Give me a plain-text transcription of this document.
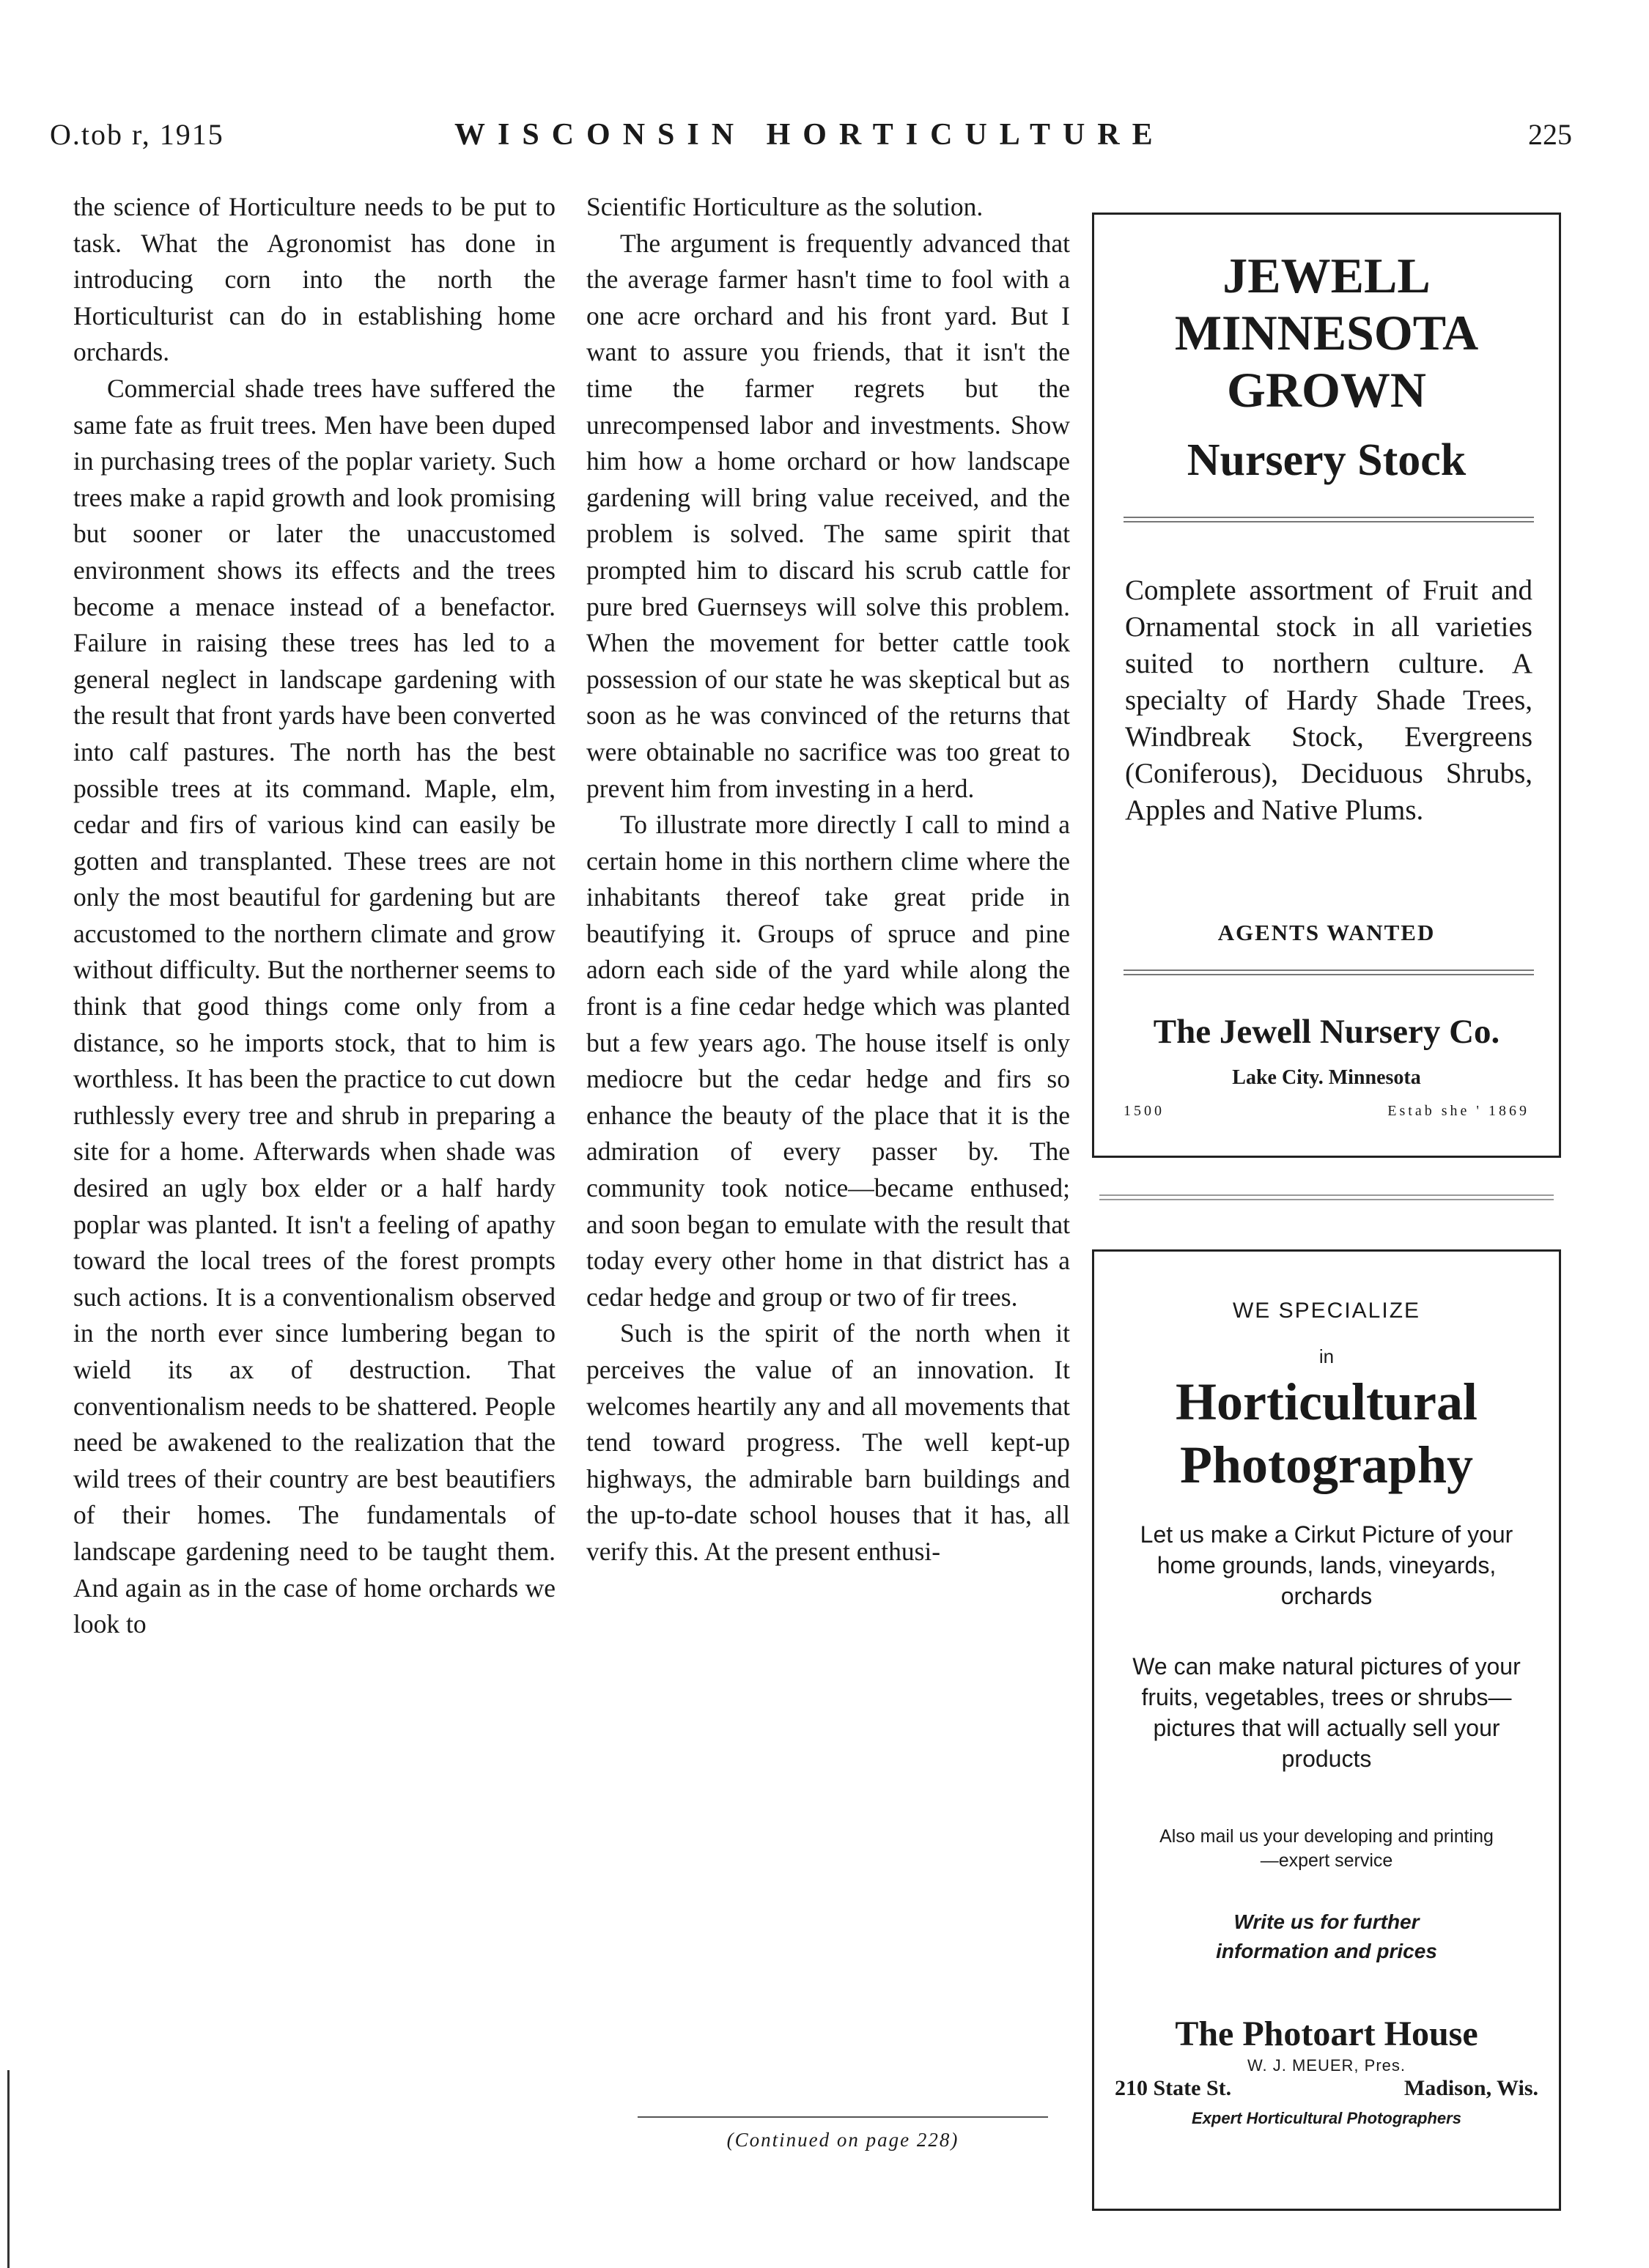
O.tob r, 1915	WISCONSIN HORTICULTURE	225

the science of Horticulture needs to be put to task. What the Agronomist has done in introducing corn into the north the Horticulturist can do in establishing home orchards.

Commercial shade trees have suffered the same fate as fruit trees. Men have been duped in purchasing trees of the poplar variety. Such trees make a rapid growth and look promising but sooner or later the unaccustomed environment shows its effects and the trees become a menace instead of a benefactor. Failure in raising these trees has led to a general neglect in landscape gardening with the result that front yards have been converted into calf pastures. The north has the best possible trees at its command. Maple, elm, cedar and firs of various kind can easily be gotten and transplanted. These trees are not only the most beautiful for gardening but are accustomed to the northern climate and grow without difficulty. But the northerner seems to think that good things come only from a distance, so he imports stock, that to him is worthless. It has been the practice to cut down ruthlessly every tree and shrub in preparing a site for a home. Afterwards when shade was desired an ugly box elder or a half hardy poplar was planted. It isn't a feeling of apathy toward the local trees of the forest prompts such actions. It is a conventionalism observed in the north ever since lumbering began to wield its ax of destruction. That conventionalism needs to be shattered. People need be awakened to the realization that the wild trees of their country are best beautifiers of their homes. The fundamentals of landscape gardening need to be taught them. And again as in the case of home orchards we look to

Scientific Horticulture as the solution.

The argument is frequently advanced that the average farmer hasn't time to fool with a one acre orchard and his front yard. But I want to assure you friends, that it isn't the time the farmer regrets but the unrecompensed labor and investments. Show him how a home orchard or how landscape gardening will bring value received, and the problem is solved. The same spirit that prompted him to discard his scrub cattle for pure bred Guernseys will solve this problem. When the movement for better cattle took possession of our state he was skeptical but as soon as he was convinced of the returns that were obtainable no sacrifice was too great to prevent him from investing in a herd.

To illustrate more directly I call to mind a certain home in this northern clime where the inhabitants thereof take great pride in beautifying it. Groups of spruce and pine adorn each side of the yard while along the front is a fine cedar hedge which was planted but a few years ago. The house itself is only mediocre but the cedar hedge and firs so enhance the beauty of the place that it is the admiration of every passer by. The community took notice—became enthused; and soon began to emulate with the result that today every other home in that district has a cedar hedge and group or two of fir trees.

Such is the spirit of the north when it perceives the value of an innovation. It welcomes heartily any and all movements that tend toward progress. The well kept-up highways, the admirable barn buildings and the up-to-date school houses that it has, all verify this. At the present enthusi-

(Continued on page 228)
JEWELL
MINNESOTA
GROWN
Nursery Stock
Complete assortment of Fruit and Ornamental stock in all varieties suited to northern culture. A specialty of Hardy Shade Trees, Windbreak Stock, Evergreens (Coniferous), Deciduous Shrubs, Apples and Native Plums.
AGENTS WANTED
The Jewell Nursery Co.
Lake City. Minnesota
1500	Estab she ' 1869
WE SPECIALIZE
in
Horticultural
Photography
Let us make a Cirkut Picture of your home grounds, lands, vineyards, orchards
We can make natural pictures of your fruits, vegetables, trees or shrubs—pictures that will actually sell your products
Also mail us your developing and printing—expert service
Write us for further information and prices
The Photoart House
W. J. MEUER, Pres.
210 State St.	Madison, Wis.
Expert Horticultural Photographers
